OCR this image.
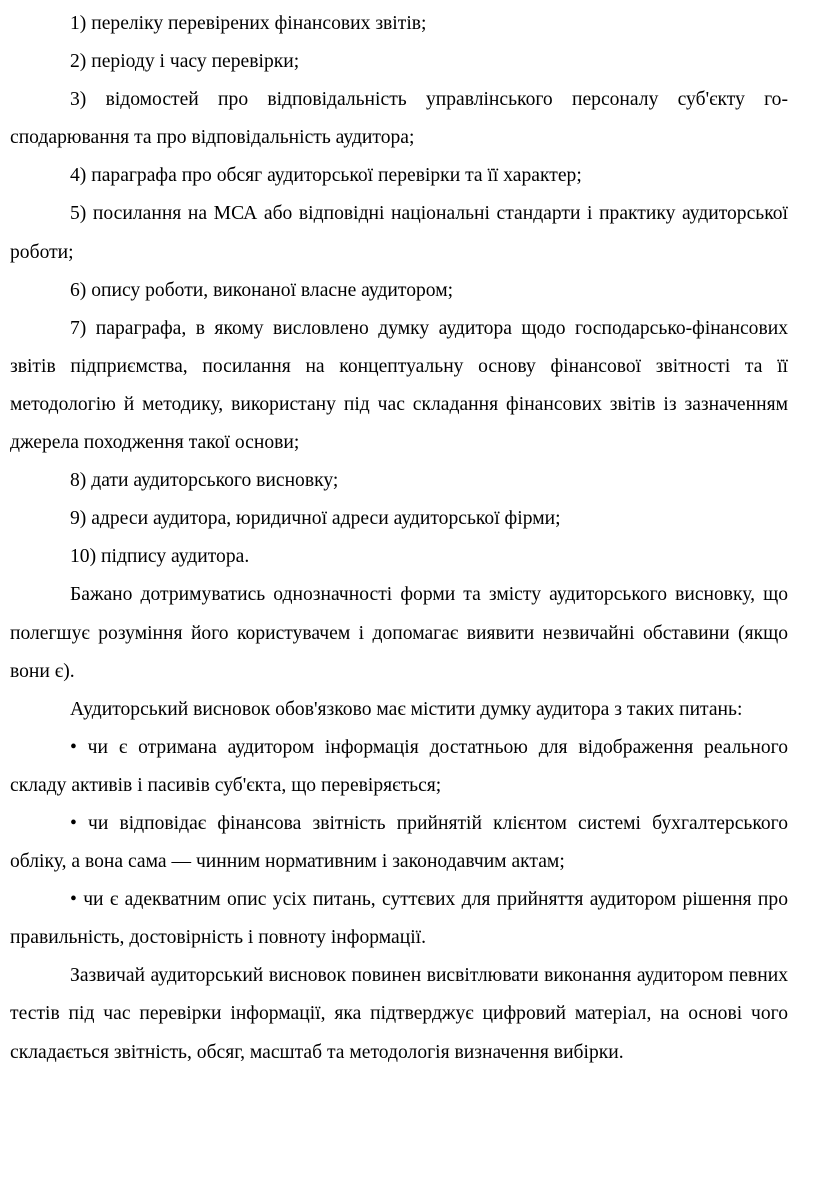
1) переліку перевірених фінансових звітів;

2) періоду і часу перевірки;

3) відомостей про відповідальність управлінського персоналу суб'єкту господарювання та про відповідальність аудитора;

4) параграфа про обсяг аудиторської перевірки та її характер;

5) посилання на МСА або відповідні національні стандарти і практику аудиторської роботи;

6) опису роботи, виконаної власне аудитором;

7) параграфа, в якому висловлено думку аудитора щодо господарсько-фінансових звітів підприємства, посилання на концептуальну основу фінансової звітності та її методологію й методику, використану під час складання фінансових звітів із зазначенням джерела походження такої основи;

8) дати аудиторського висновку;

9) адреси аудитора, юридичної адреси аудиторської фірми;

10) підпису аудитора.

Бажано дотримуватись однозначності форми та змісту аудиторського висновку, що полегшує розуміння його користувачем і допомагає виявити незвичайні обставини (якщо вони є).

Аудиторський висновок обов'язково має містити думку аудитора з таких питань:

• чи є отримана аудитором інформація достатньою для відображення реального складу активів і пасивів суб'єкта, що перевіряється;

• чи відповідає фінансова звітність прийнятій клієнтом системі бухгалтерського обліку, а вона сама — чинним нормативним і законодавчим актам;

• чи є адекватним опис усіх питань, суттєвих для прийняття аудитором рішення про правильність, достовірність і повноту інформації.

Зазвичай аудиторський висновок повинен висвітлювати виконання аудитором певних тестів під час перевірки інформації, яка підтверджує цифровий матеріал, на основі чого складається звітність, обсяг, масштаб та методологія визначення вибірки.
